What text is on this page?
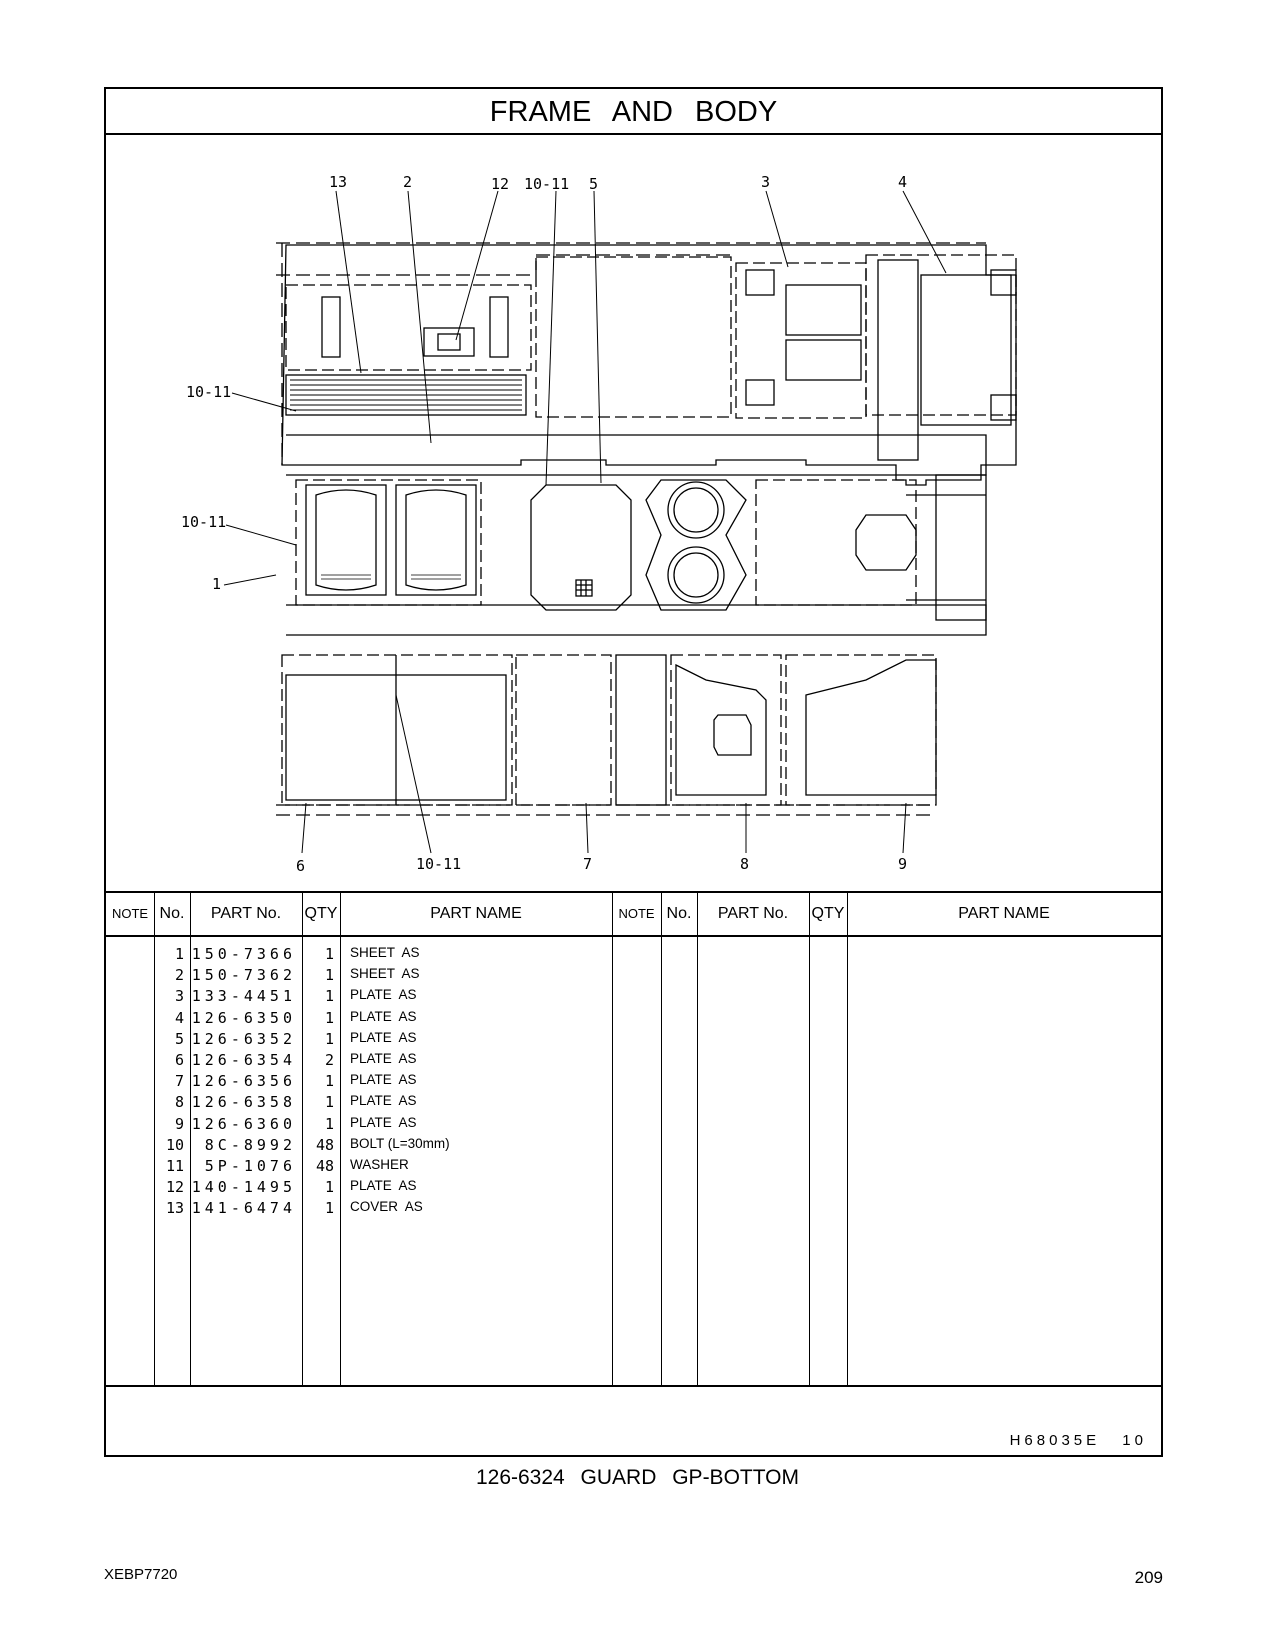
FRAME AND BODY
13	2	12 10-11 5	3	4
10-11
10-11
1
6	10-11	7	8	9
NOTE No.	PART No.	QTY	PART NAME	NOTE No.	PART No.	QTY	PART NAME
1 150-7366	1 SHEET  AS
2 150-7362	1 SHEET  AS
3 133-4451	1 PLATE  AS
4 126-6350	1 PLATE  AS
5 126-6352	1 PLATE  AS
6 126-6354	2 PLATE  AS
7 126-6356	1 PLATE  AS
8 126-6358	1 PLATE  AS
9 126-6360	1 PLATE  AS
10	8C-8992	48 BOLT (L=30mm)
11	5P-1076	48 WASHER
12 140-1495	1 PLATE  AS
13 141-6474	1 COVER  AS
H68035E 10
126-6324 GUARD GP-BOTTOM
XEBP7720	209
